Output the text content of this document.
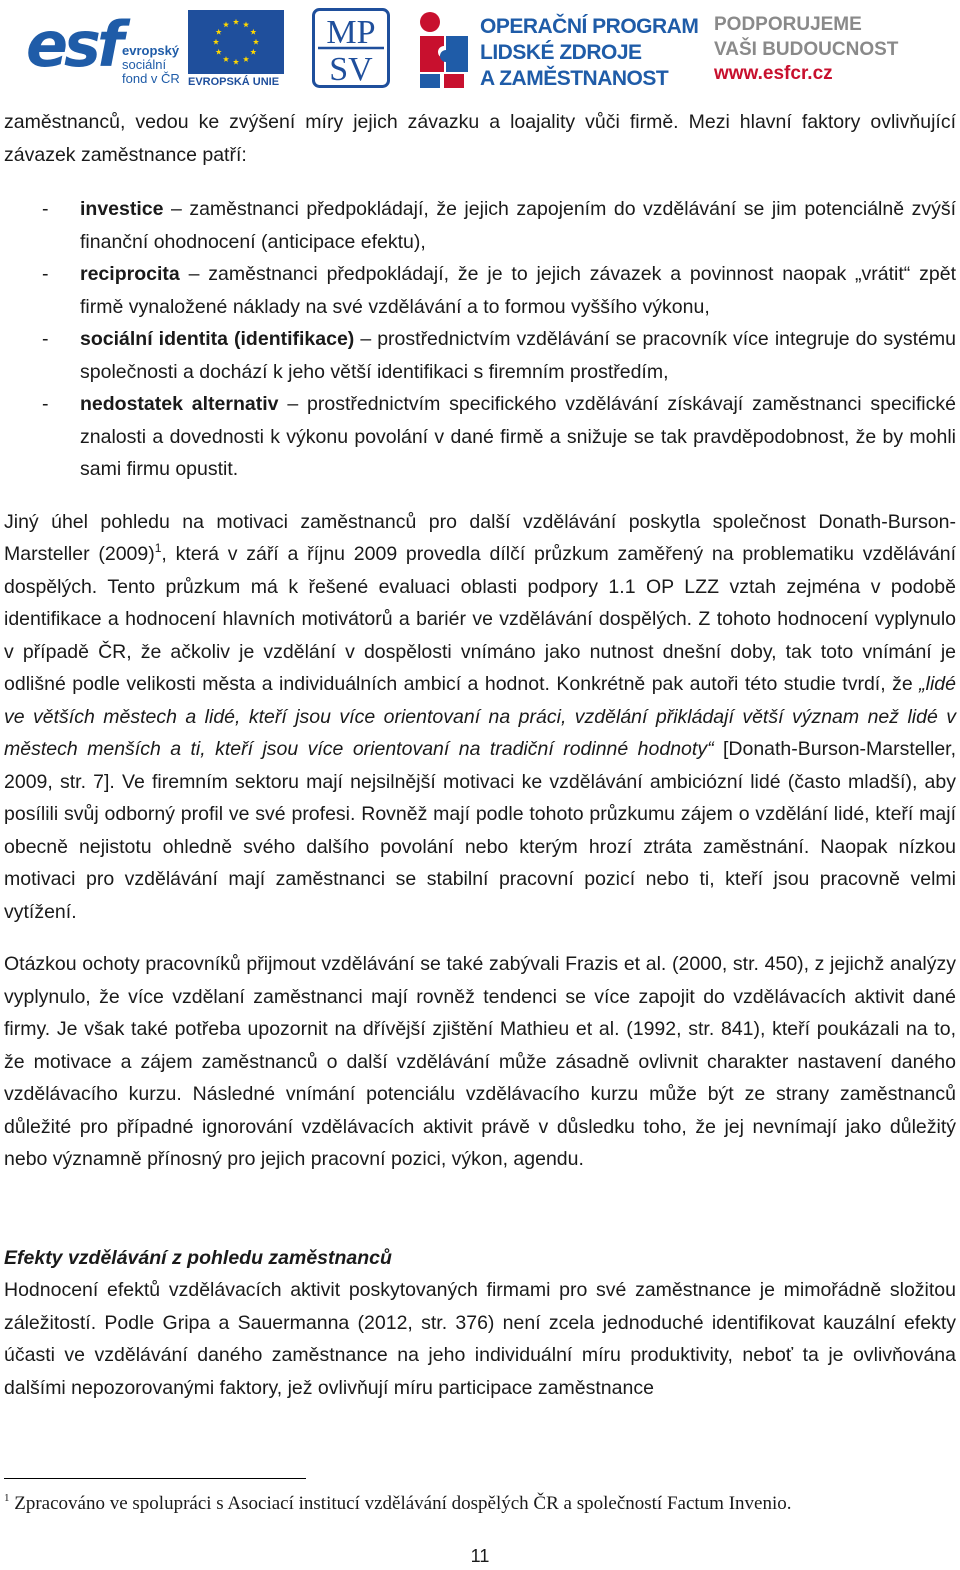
esf evropský
sociální
fond v ČR EVROPSKÁ UNIE
MP
SV
OPERAČNÍ PROGRAM
LIDSKÉ ZDROJE
A ZAMĚSTNANOST
PODPORUJEME
VAŠI BUDOUCNOST
www.esfcr.cz

zaměstnanců, vedou ke zvýšení míry jejich závazku a loajality vůči firmě. Mezi hlavní faktory ovlivňující závazek zaměstnance patří:

- investice – zaměstnanci předpokládají, že jejich zapojením do vzdělávání se jim potenciálně zvýší finanční ohodnocení (anticipace efektu),
- reciprocita – zaměstnanci předpokládají, že je to jejich závazek a povinnost naopak „vrátit“ zpět firmě vynaložené náklady na své vzdělávání a to formou vyššího výkonu,
- sociální identita (identifikace) – prostřednictvím vzdělávání se pracovník více integruje do systému společnosti a dochází k jeho větší identifikaci s firemním prostředím,
- nedostatek alternativ – prostřednictvím specifického vzdělávání získávají zaměstnanci specifické znalosti a dovednosti k výkonu povolání v dané firmě a snižuje se tak pravděpodobnost, že by mohli sami firmu opustit.

Jiný úhel pohledu na motivaci zaměstnanců pro další vzdělávání poskytla společnost Donath-Burson-Marsteller $(2009)^1$, která v září a říjnu 2009 provedla dílčí průzkum zaměřený na problematiku vzdělávání dospělých. Tento průzkum má k řešené evaluaci oblasti podpory 1.1 OP LZZ vztah zejména v podobě identifikace a hodnocení hlavních motivátorů a bariér ve vzdělávání dospělých. Z tohoto hodnocení vyplynulo v případě ČR, že ačkoliv je vzdělání v dospělosti vnímáno jako nutnost dnešní doby, tak toto vnímání je odlišné podle velikosti města a individuálních ambicí a hodnot. Konkrétně pak autoři této studie tvrdí, že „lidé ve větších městech a lidé, kteří jsou více orientovaní na práci, vzdělání přikládají větší význam než lidé v městech menších a ti, kteří jsou více orientovaní na tradiční rodinné hodnoty“ [Donath-Burson-Marsteller, 2009, str. 7]. Ve firemním sektoru mají nejsilnější motivaci ke vzdělávání ambiciózní lidé (často mladší), aby posílili svůj odborný profil ve své profesi. Rovněž mají podle tohoto průzkumu zájem o vzdělání lidé, kteří mají obecně nejistotu ohledně svého dalšího povolání nebo kterým hrozí ztráta zaměstnání. Naopak nízkou motivaci pro vzdělávání mají zaměstnanci se stabilní pracovní pozicí nebo ti, kteří jsou pracovně velmi vytížení.

Otázkou ochoty pracovníků přijmout vzdělávání se také zabývali Frazis et al. (2000, str. 450), z jejichž analýzy vyplynulo, že více vzdělaní zaměstnanci mají rovněž tendenci se více zapojit do vzdělávacích aktivit dané firmy. Je však také potřeba upozornit na dřívější zjištění Mathieu et al. (1992, str. 841), kteří poukázali na to, že motivace a zájem zaměstnanců o další vzdělávání může zásadně ovlivnit charakter nastavení daného vzdělávacího kurzu. Následné vnímání potenciálu vzdělávacího kurzu může být ze strany zaměstnanců důležité pro případné ignorování vzdělávacích aktivit právě v důsledku toho, že jej nevnímají jako důležitý nebo významně přínosný pro jejich pracovní pozici, výkon, agendu.

Efekty vzdělávání z pohledu zaměstnanců

Hodnocení efektů vzdělávacích aktivit poskytovaných firmami pro své zaměstnance je mimořádně složitou záležitostí. Podle Gripa a Sauermanna (2012, str. 376) není zcela jednoduché identifikovat kauzální efekty účasti ve vzdělávání daného zaměstnance na jeho individuální míru produktivity, neboť ta je ovlivňována dalšími nepozorovanými faktory, jež ovlivňují míru participace zaměstnance

$^1$ Zpracováno ve spolupráci s Asociací institucí vzdělávání dospělých ČR a společností Factum Invenio.
11
